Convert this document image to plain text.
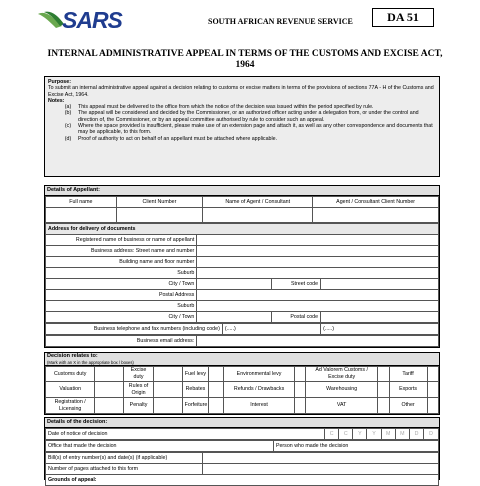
SARS	SOUTH AFRICAN REVENUE SERVICE	DA 51
INTERNAL ADMINISTRATIVE APPEAL IN TERMS OF THE CUSTOMS AND EXCISE ACT, 1964
Purpose:
To submit an internal administrative appeal against a decision relating to customs or excise matters in terms of the provisions of sections 77A - H of the Customs and Excise Act, 1964.
Notes:
(a)	This appeal must be delivered to the office from which the notice of the decision was issued within the period specified by rule.
(b)	The appeal will be considered and decided by the Commissioner, or an authorized officer acting under a delegation from, or under the control and direction of, the Commissioner, or by an appeal committee authorised by rule to consider such an appeal.
(c)	Where the space provided is insufficient, please make use of an extension page and attach it, as well as any other correspondence and documents that may be applicable, to this form.
(d)	Proof of authority to act on behalf of an appellant must be attached where applicable.
Details of Appellant:
Full name	Client Number	Name of Agent / Consultant	Agent / Consultant Client Number

Address for delivery of documents			
Registered name of business or name of appellant			
Business address: Street name and number			
Building name and floor number			
Suburb			
City / Town		Street code	
Postal Address			
Suburb			
City / Town		Postal code	
Business telephone and fax numbers (including code)	(.....)	(.....)
Business email address:	
Decision relates to:
(Mark with an X in the appropriate box / boxes)
Customs duty		Excise duty		Fuel levy		Environmental levy		Ad Valorem Customs / Excise duty		Tariff	
Valuation		Rules of Origin		Rebates		Refunds / Drawbacks		Warehousing		Exports	
Registration / Licensing		Penalty		Forfeiture		Interest		VAT		Other	
Details of the decision:
Date of notice of decision	C	C	Y	Y	M	M	D	D
Office that made the decision	Person who made the decision
Bill(s) of entry number(s) and date(s) (if applicable)	
Number of pages attached to this form	
Grounds of appeal:	
